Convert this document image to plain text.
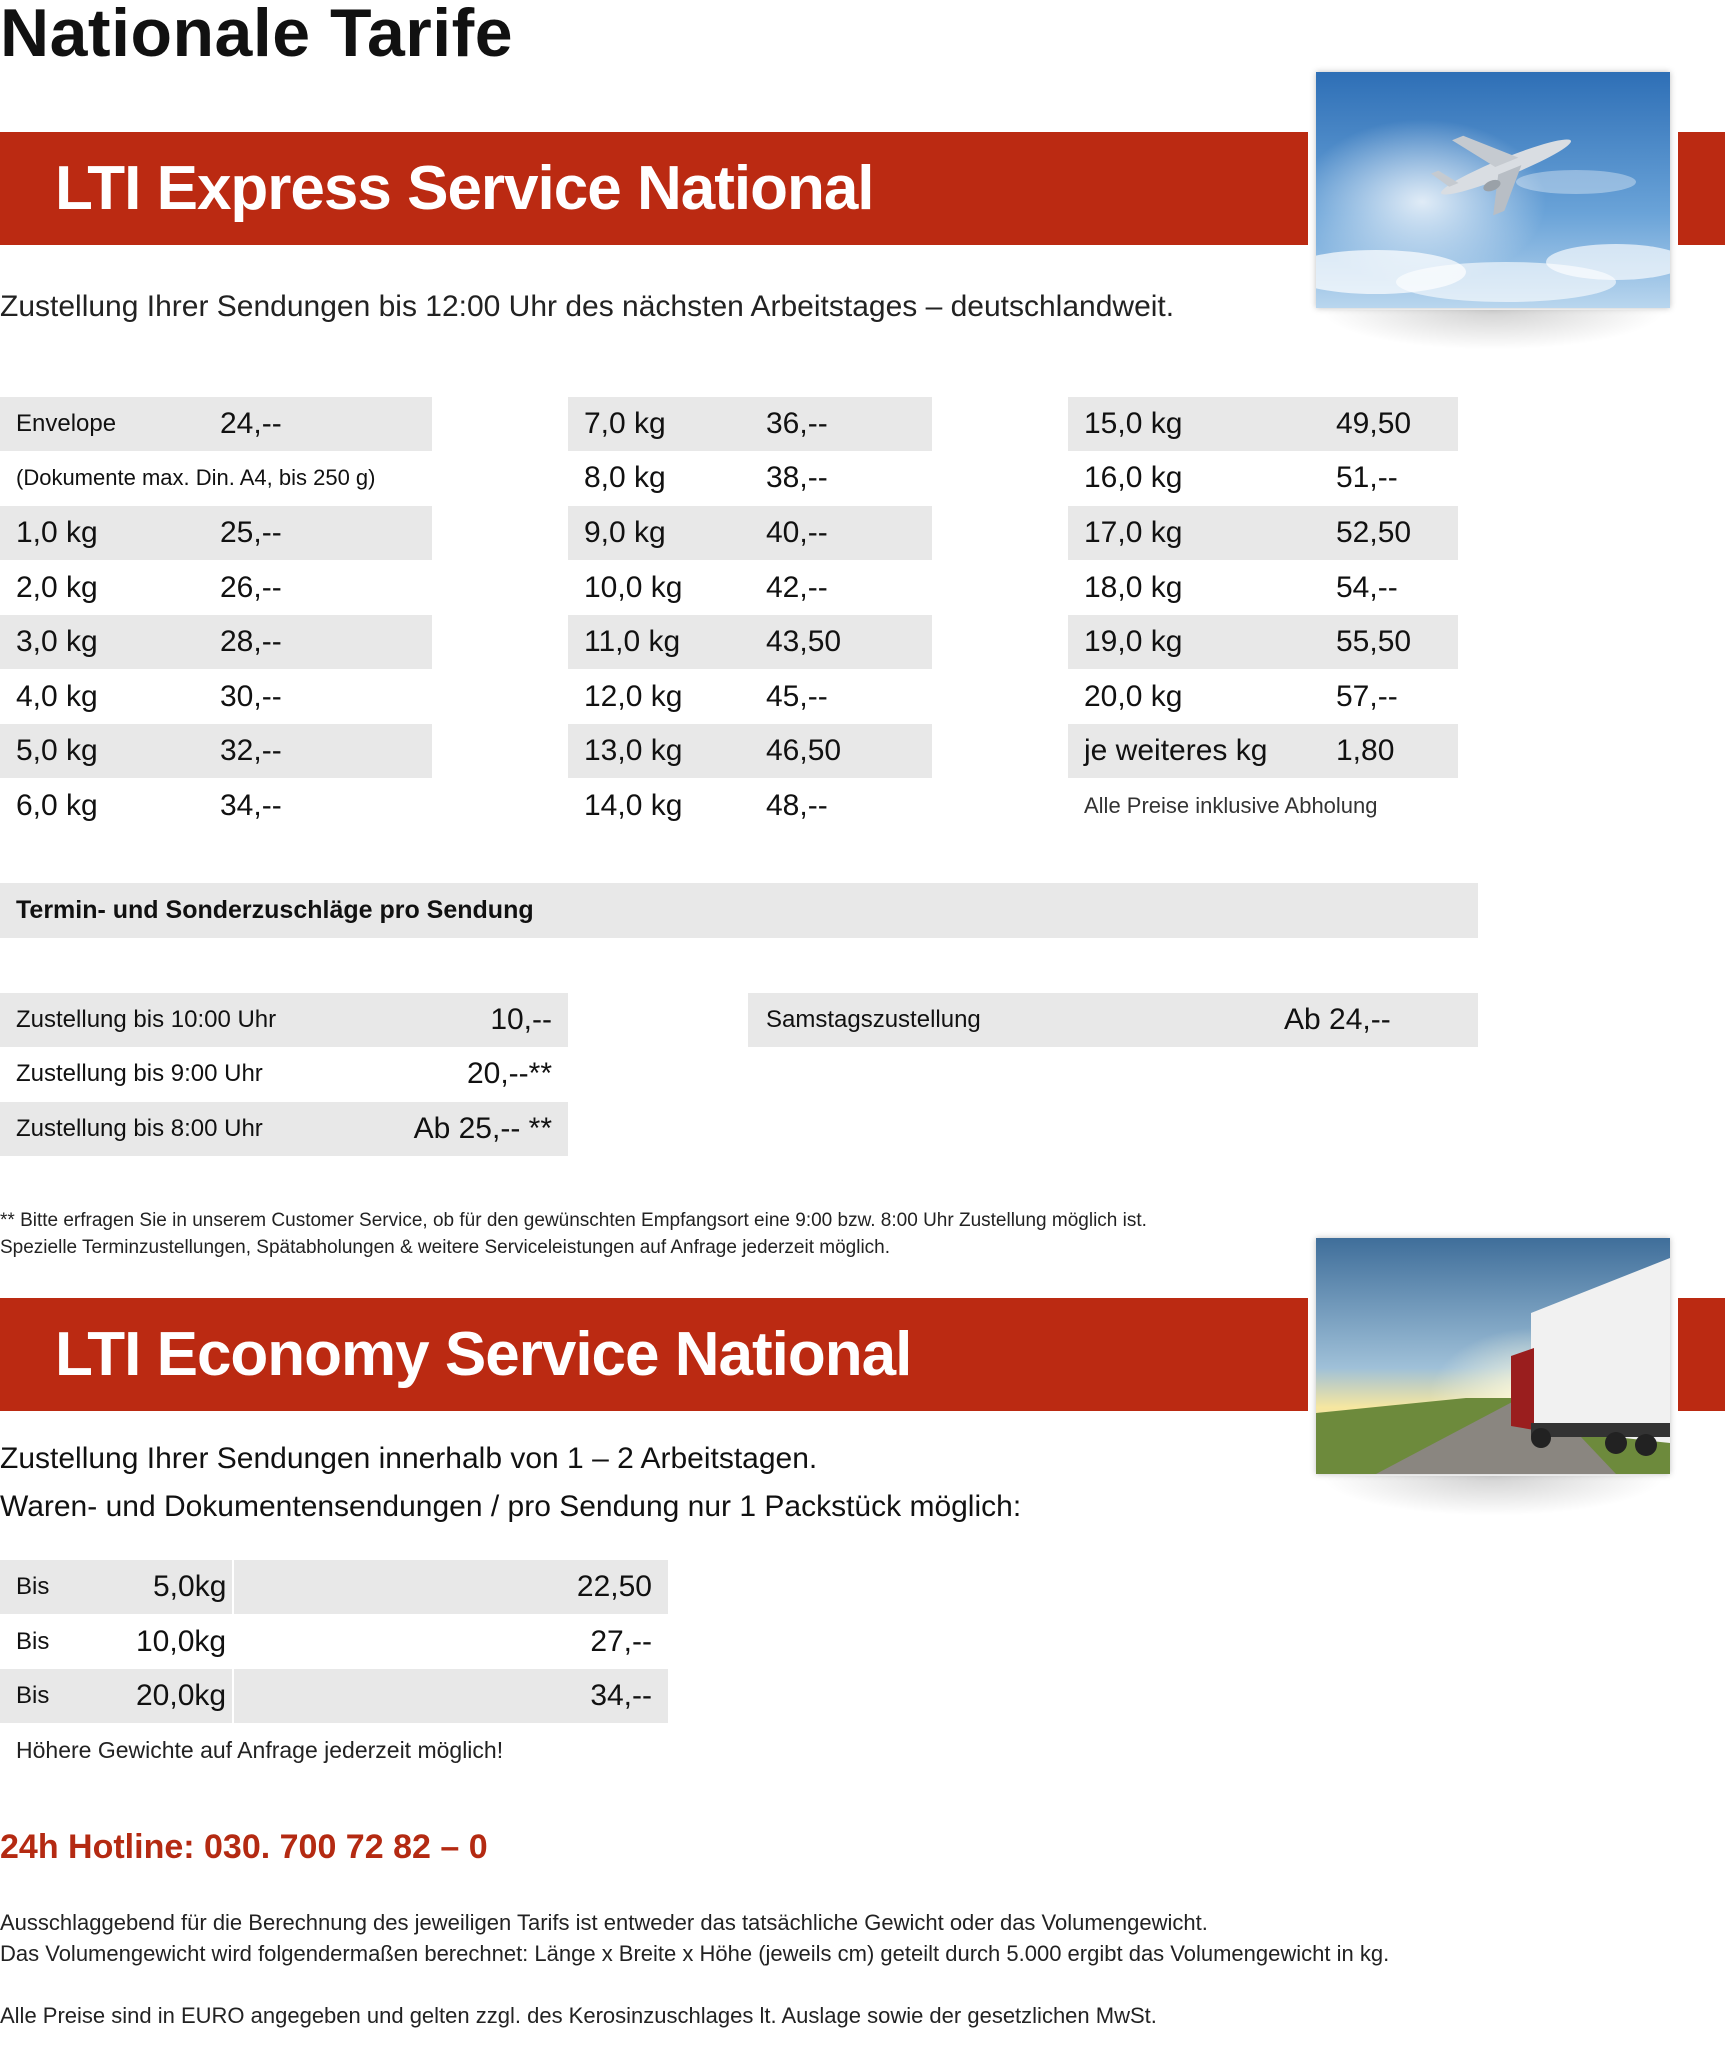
Nationale Tarife
LTI Express Service National
Zustellung Ihrer Sendungen bis 12:00 Uhr des nächsten Arbeitstages – deutschlandweit.
Envelope	24,--
(Dokumente max. Din. A4, bis 250 g)
1,0 kg	25,--
2,0 kg	26,--
3,0 kg	28,--
4,0 kg	30,--
5,0 kg	32,--
6,0 kg	34,--
7,0 kg	36,--
8,0 kg	38,--
9,0 kg	40,--
10,0 kg	42,--
11,0 kg	43,50
12,0 kg	45,--
13,0 kg	46,50
14,0 kg	48,--
15,0 kg	49,50
16,0 kg	51,--
17,0 kg	52,50
18,0 kg	54,--
19,0 kg	55,50
20,0 kg	57,--
je weiteres kg 1,80
Alle Preise inklusive Abholung
Termin- und Sonderzuschläge pro Sendung
Zustellung bis 10:00 Uhr	10,--
Zustellung bis 9:00 Uhr	20,--**
Zustellung bis 8:00 Uhr	Ab 25,-- **
Samstagszustellung	Ab 24,--
** Bitte erfragen Sie in unserem Customer Service, ob für den gewünschten Empfangsort eine 9:00 bzw. 8:00 Uhr Zustellung möglich ist.
Spezielle Terminzustellungen, Spätabholungen & weitere Serviceleistungen auf Anfrage jederzeit möglich.
LTI Economy Service National
Zustellung Ihrer Sendungen innerhalb von 1 – 2 Arbeitstagen.
Waren- und Dokumentensendungen / pro Sendung nur 1 Packstück möglich:
Bis	5,0kg	22,50
Bis	10,0kg	27,--
Bis	20,0kg	34,--
Höhere Gewichte auf Anfrage jederzeit möglich!
24h Hotline: 030. 700 72 82 – 0
Ausschlaggebend für die Berechnung des jeweiligen Tarifs ist entweder das tatsächliche Gewicht oder das Volumengewicht.
Das Volumengewicht wird folgendermaßen berechnet: Länge x Breite x Höhe (jeweils cm) geteilt durch 5.000 ergibt das Volumengewicht in kg.
Alle Preise sind in EURO angegeben und gelten zzgl. des Kerosinzuschlages lt. Auslage sowie der gesetzlichen MwSt.
